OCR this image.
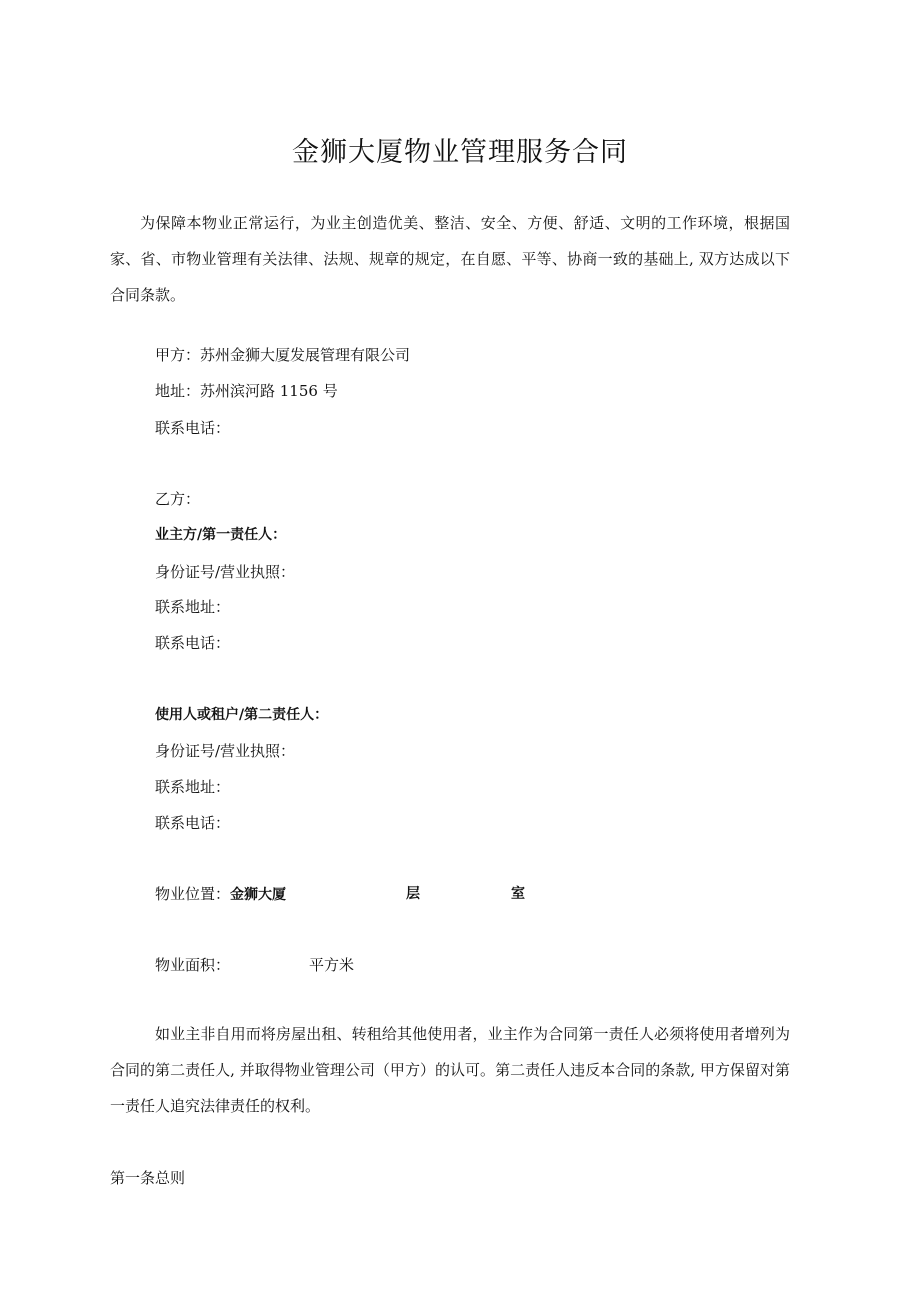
金狮大厦物业管理服务合同

为保障本物业正常运行，为业主创造优美、整洁、安全、方便、舒适、文明的工作环境，根据国家、省、市物业管理有关法律、法规、规章的规定，在自愿、平等、协商一致的基础上, 双方达成以下合同条款。

甲方：苏州金狮大厦发展管理有限公司

地址：苏州滨河路 1156 号

联系电话：

乙方：

业主方/第一责任人：

身份证号/营业执照：

联系地址：

联系电话：

使用人或租户/第二责任人：

身份证号/营业执照：

联系地址：

联系电话：

物业位置：金狮大厦	层	室

物业面积：	平方米

如业主非自用而将房屋出租、转租给其他使用者，业主作为合同第一责任人必须将使用者增列为合同的第二责任人, 并取得物业管理公司（甲方）的认可。第二责任人违反本合同的条款, 甲方保留对第一责任人追究法律责任的权利。

第一条总则
